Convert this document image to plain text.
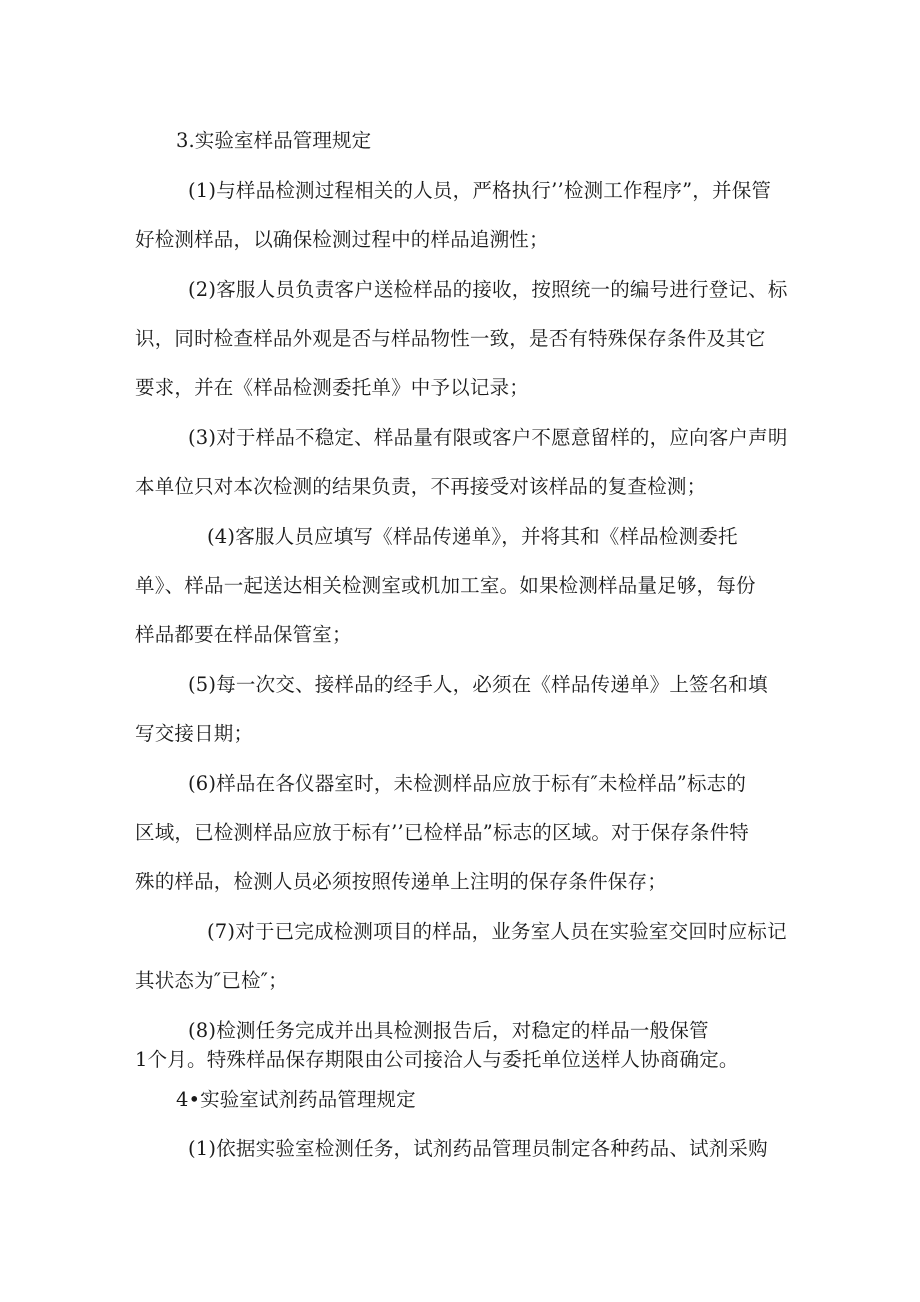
3.实验室样品管理规定
(1)与样品检测过程相关的人员，严格执行’’检测工作程序”，并保管
好检测样品，以确保检测过程中的样品追溯性；
(2)客服人员负责客户送检样品的接收，按照统一的编号进行登记、标
识，同时检查样品外观是否与样品物性一致，是否有特殊保存条件及其它
要求，并在《样品检测委托单》中予以记录；
(3)对于样品不稳定、样品量有限或客户不愿意留样的，应向客户声明
本单位只对本次检测的结果负责，不再接受对该样品的复查检测；
(4)客服人员应填写《样品传递单》，并将其和《样品检测委托
单》、样品一起送达相关检测室或机加工室。如果检测样品量足够，每份
样品都要在样品保管室；
(5)每一次交、接样品的经手人，必须在《样品传递单》上签名和填
写交接日期；
(6)样品在各仪器室时，未检测样品应放于标有″未检样品”标志的
区域，已检测样品应放于标有’’已检样品”标志的区域。对于保存条件特
殊的样品，检测人员必须按照传递单上注明的保存条件保存；
(7)对于已完成检测项目的样品，业务室人员在实验室交回时应标记
其状态为″已检″；
(8)检测任务完成并出具检测报告后，对稳定的样品一般保管
1个月。特殊样品保存期限由公司接洽人与委托单位送样人协商确定。
4•实验室试剂药品管理规定
(1)依据实验室检测任务，试剂药品管理员制定各种药品、试剂采购
